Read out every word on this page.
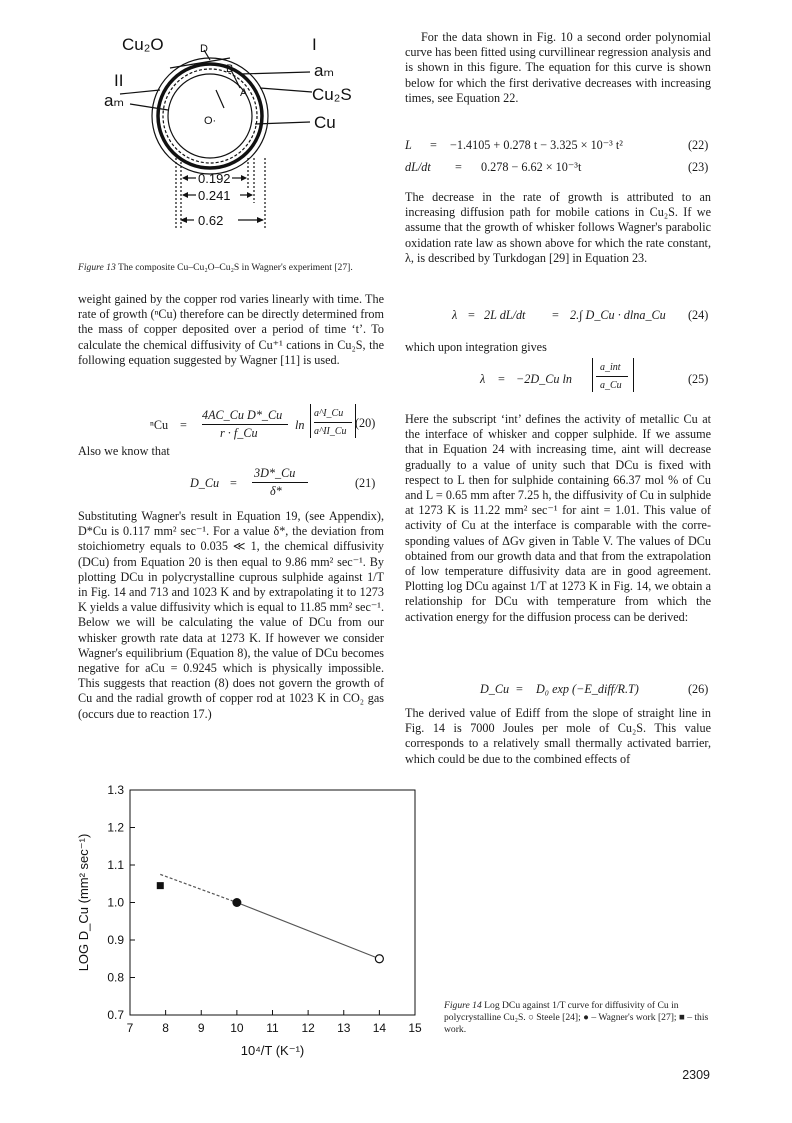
Cu₂O
II
aₘ
D
B
A
O·
I
aₘ
Cu₂S
Cu
0.192
0.241
0.62
Figure 13 The composite Cu–Cu₂O–Cu₂S in Wagner's experiment [27].

weight gained by the copper rod varies linearly with time. The rate of growth (ⁿCu) therefore can be directly determined from the mass of copper deposited over a period of time ‘t’. To calculate the chemical diffusivity of Cu⁺¹ cations in Cu₂S, the following equation suggested by Wagner [11] is used.

ⁿCu =
4AC_Cu D*_Cu
r · f_Cu
ln
a^I_Cu
a^II_Cu
(20)

Also we know that

D_Cu =
3D*_Cu
δ*
(21)

Substituting Wagner's result in Equation 19, (see Appendix), D*Cu is 0.117 mm² sec⁻¹. For a value δ*, the deviation from stoichiometry equals to 0.035 ≪ 1, the chemical diffusivity (DCu) from Equation 20 is then equal to 9.86 mm² sec⁻¹. By plotting DCu in polycrystalline cuprous sulphide against 1/T in Fig. 14 and 713 and 1023 K and by extrapolating it to 1273 K yields a value diffusivity which is equal to 11.85 mm² sec⁻¹. Below we will be calculating the value of DCu from our whisker growth rate data at 1273 K. If however we consider Wagner's equilibrium (Equation 8), the value of DCu becomes negative for aCu = 0.9245 which is physically impossible. This suggests that reaction (8) does not govern the growth of Cu and the radial growth of copper rod at 1023 K in CO₂ gas (occurs due to reaction 17.)

For the data shown in Fig. 10 a second order polynomial curve has been fitted using curvillinear regression analysis and is shown in this figure. The equation for this curve is shown below for which the first derivative decreases with increasing times, see Equation 22.

L = −1.4105 + 0.278 t − 3.325 × 10⁻³ t²	(22)
dL/dt = 0.278 − 6.62 × 10⁻³t	(23)

The decrease in the rate of growth is attributed to an increasing diffusion path for mobile cations in Cu₂S. If we assume that the growth of whisker follows Wagner's parabolic oxidation rate law as shown above for which the rate constant, λ, is described by Turkdogan [29] in Equation 23.

λ = 2L dL/dt = 2.∫ D_Cu · dlna_Cu (24)

which upon integration gives

λ = −2D_Cu ln
a_int
a_Cu	(25)

Here the subscript ‘int’ defines the activity of metallic Cu at the interface of whisker and copper sulphide. If we assume that in Equation 24 with increasing time, aint will decrease gradually to a value of unity such that DCu is fixed with respect to L then for sulphide containing 66.37 mol % of Cu and L = 0.65 mm after 7.25 h, the diffusivity of Cu in sulphide at 1273 K is 11.22 mm² sec⁻¹ for aint = 1.01. This value of activity of Cu at the interface is comparable with the corresponding values of ΔGv given in Table V. The values of DCu obtained from our growth data and that from the extrapolation of low temperature diffusivity data are in good agreement. Plotting log DCu against 1/T at 1273 K in Fig. 14, we obtain a relationship for DCu with temperature from which the activation energy for the diffusion process can be derived:

D_Cu = D₀ exp (−E_diff/R.T)	(26)

The derived value of Ediff from the slope of straight line in Fig. 14 is 7000 Joules per mole of Cu₂S. This value corresponds to a relatively small thermally activated barrier, which could be due to the combined effects of

7 8 9 10 11 12 13 14 15
0.7
0.8
0.9
1.0
1.1
1.2
1.3
10⁴/T (K⁻¹)
LOG D_Cu (mm² sec⁻¹)
Figure 14 Log DCu against 1/T curve for diffusivity of Cu in polycrystalline Cu₂S. ○ Steele [24]; ● – Wagner's work [27]; ■ – this work.
2309
